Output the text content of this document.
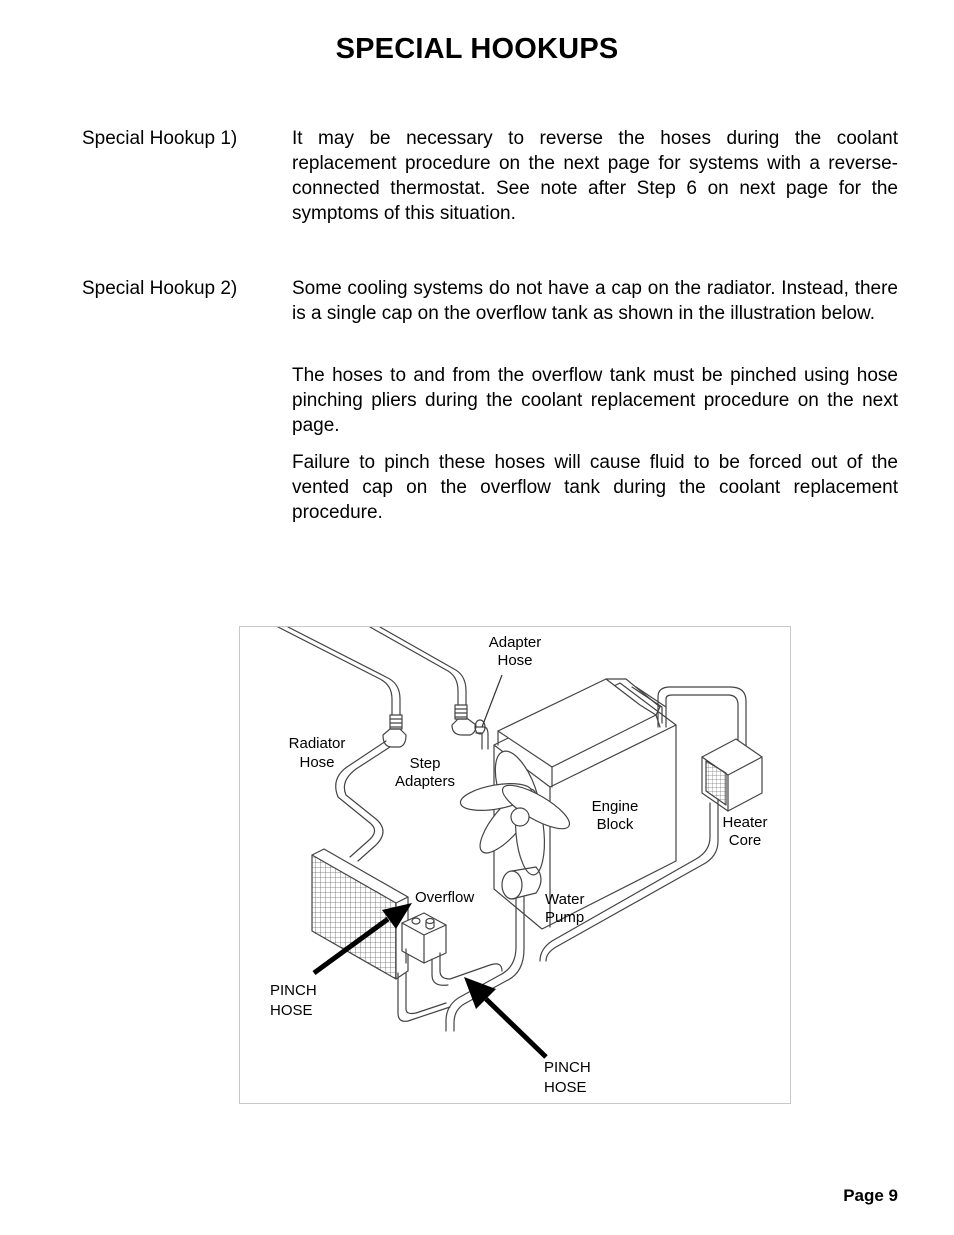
SPECIAL HOOKUPS
Special Hookup 1)	It may be necessary to reverse the hoses during the coolant replacement procedure on the next page for systems with a reverse-connected thermostat. See note after Step 6 on next page for the symptoms of this situation.

Special Hookup 2)	Some cooling systems do not have a cap on the radiator. Instead, there is a single cap on the overflow tank as shown in the illustration below.

The hoses to and from the overflow tank must be pinched using hose pinching pliers during the coolant replacement procedure on the next page.

Failure to pinch these hoses will cause fluid to be forced out of the vented cap on the overflow tank during the coolant replacement procedure.

Adapter
Hose
Radiator
Hose	Step
Adapters
Engine
Block	Heater
Core
Overflow	Water
Pump
PINCH
HOSE
PINCH
HOSE
Page 9
